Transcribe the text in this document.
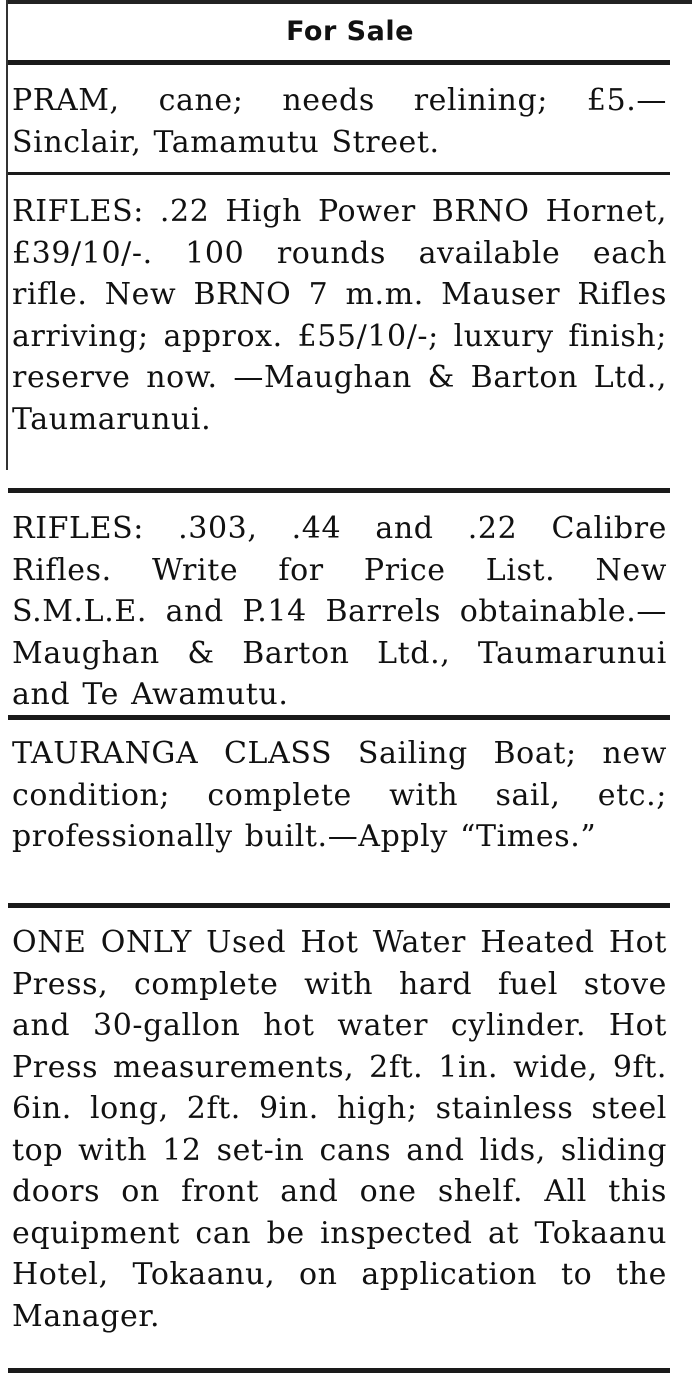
For Sale
PRAM, cane; needs relining; £5.—Sinclair, Tamamutu Street.
RIFLES: .22 High Power BRNO Hornet, £39/10/-. 100 rounds available each rifle. New BRNO 7 m.m. Mauser Rifles arriving; approx. £55/10/-; luxury finish; reserve now. —Maughan & Barton Ltd., Taumarunui.
RIFLES: .303, .44 and .22 Calibre Rifles. Write for Price List. New S.M.L.E. and P.14 Barrels obtainable.—Maughan & Barton Ltd., Taumarunui and Te Awamutu.
TAURANGA CLASS Sailing Boat; new condition; complete with sail, etc.; professionally built.—Apply “Times.”
ONE ONLY Used Hot Water Heated Hot Press, complete with hard fuel stove and 30-gallon hot water cylinder. Hot Press measurements, 2ft. 1in. wide, 9ft. 6in. long, 2ft. 9in. high; stainless steel top with 12 set-in cans and lids, sliding doors on front and one shelf. All this equipment can be inspected at Tokaanu Hotel, Tokaanu, on application to the Manager.
